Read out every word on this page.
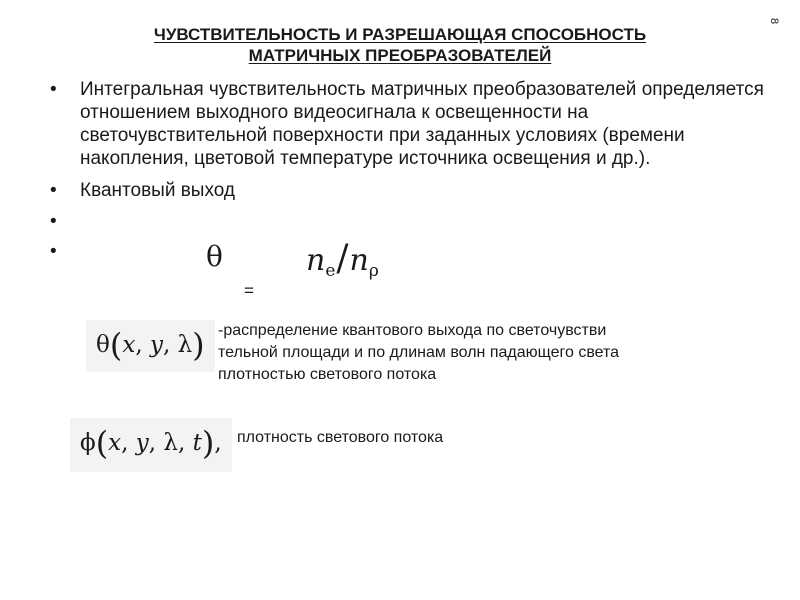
ЧУВСТВИТЕЛЬНОСТЬ И РАЗРЕШАЮЩАЯ СПОСОБНОСТЬ
МАТРИЧНЫХ ПРЕОБРАЗОВАТЕЛЕЙ
8
• Интегральная чувствительность матричных преобразователей определяется отношением выходного видеосигнала к освещенности на светочувствительной поверхности при заданных условиях (времени накопления, цветовой температуре источника освещения и др.).
• Квантовый выход
•
•
θ	$n_e/n_\rho$
=
θ(x, y, λ) -распределение квантового выхода по светочувстви
тельной площади и по длинам волн падающего света
плотностью светового потока
ϕ(x, y, λ, t), плотность светового потока
